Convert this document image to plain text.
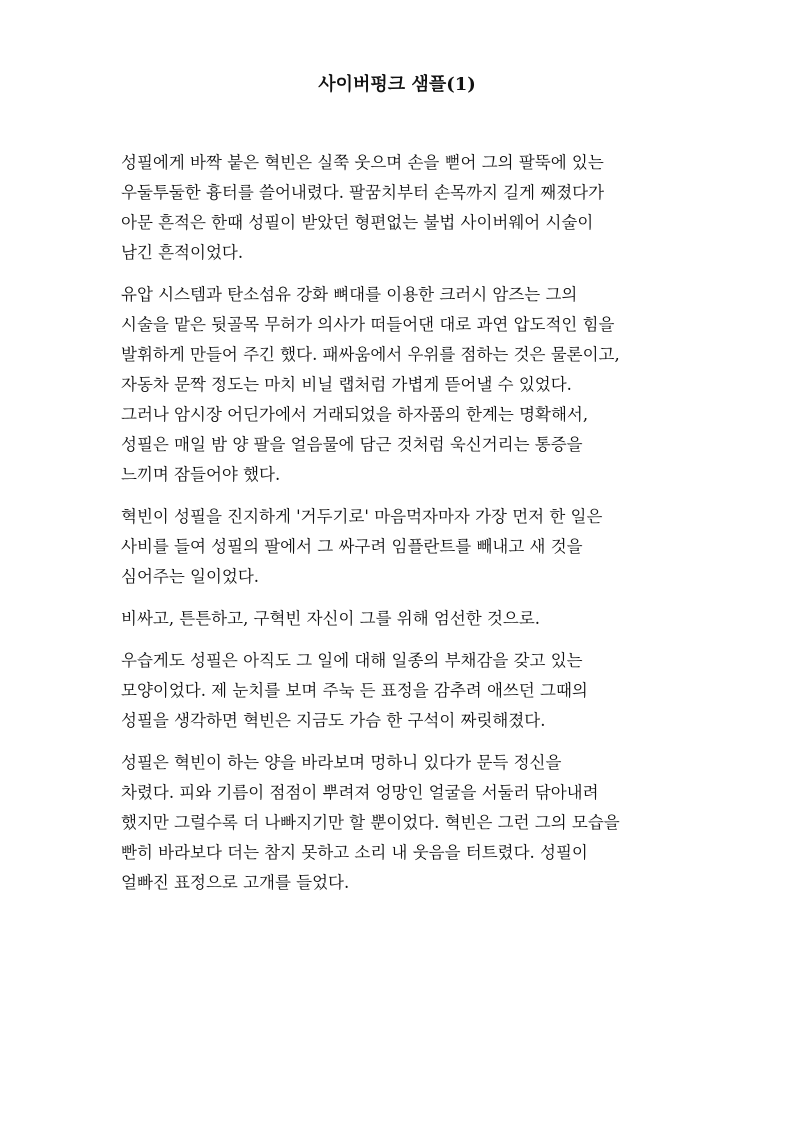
사이버펑크 샘플(1)

성필에게 바짝 붙은 혁빈은 실쭉 웃으며 손을 뻗어 그의 팔뚝에 있는
우둘투둘한 흉터를 쓸어내렸다. 팔꿈치부터 손목까지 길게 째졌다가
아문 흔적은 한때 성필이 받았던 형편없는 불법 사이버웨어 시술이
남긴 흔적이었다.

유압 시스템과 탄소섬유 강화 뼈대를 이용한 크러시 암즈는 그의
시술을 맡은 뒷골목 무허가 의사가 떠들어댄 대로 과연 압도적인 힘을
발휘하게 만들어 주긴 했다. 패싸움에서 우위를 점하는 것은 물론이고,
자동차 문짝 정도는 마치 비닐 랩처럼 가볍게 뜯어낼 수 있었다.
그러나 암시장 어딘가에서 거래되었을 하자품의 한계는 명확해서,
성필은 매일 밤 양 팔을 얼음물에 담근 것처럼 욱신거리는 통증을
느끼며 잠들어야 했다.

혁빈이 성필을 진지하게 '거두기로' 마음먹자마자 가장 먼저 한 일은
사비를 들여 성필의 팔에서 그 싸구려 임플란트를 빼내고 새 것을
심어주는 일이었다.

비싸고, 튼튼하고, 구혁빈 자신이 그를 위해 엄선한 것으로.

우습게도 성필은 아직도 그 일에 대해 일종의 부채감을 갖고 있는
모양이었다. 제 눈치를 보며 주눅 든 표정을 감추려 애쓰던 그때의
성필을 생각하면 혁빈은 지금도 가슴 한 구석이 짜릿해졌다.

성필은 혁빈이 하는 양을 바라보며 멍하니 있다가 문득 정신을
차렸다. 피와 기름이 점점이 뿌려져 엉망인 얼굴을 서둘러 닦아내려
했지만 그럴수록 더 나빠지기만 할 뿐이었다. 혁빈은 그런 그의 모습을
빤히 바라보다 더는 참지 못하고 소리 내 웃음을 터트렸다. 성필이
얼빠진 표정으로 고개를 들었다.
